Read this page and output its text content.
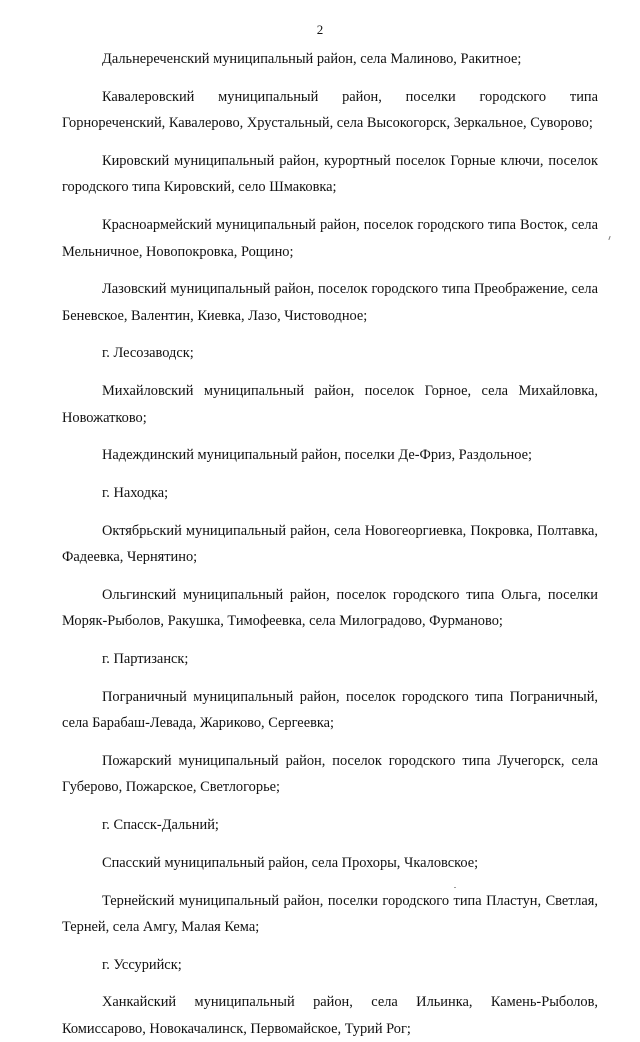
2

Дальнереченский муниципальный район, села Малиново, Ракитное;

Кавалеровский муниципальный район, поселки городского типа Горнореченский, Кавалерово, Хрустальный, села Высокогорск, Зеркальное, Суворово;

Кировский муниципальный район, курортный поселок Горные ключи, поселок городского типа Кировский, село Шмаковка;

Красноармейский муниципальный район, поселок городского типа Восток, села Мельничное, Новопокровка, Рощино;

Лазовский муниципальный район, поселок городского типа Преображение, села Беневское, Валентин, Киевка, Лазо, Чистоводное;

г. Лесозаводск;

Михайловский муниципальный район, поселок Горное, села Михайловка, Новожатково;

Надеждинский муниципальный район, поселки Де-Фриз, Раздольное;

г. Находка;

Октябрьский муниципальный район, села Новогеоргиевка, Покровка, Полтавка, Фадеевка, Чернятино;

Ольгинский муниципальный район, поселок городского типа Ольга, поселки Моряк-Рыболов, Ракушка, Тимофеевка, села Милоградово, Фурманово;

г. Партизанск;

Пограничный муниципальный район, поселок городского типа Пограничный, села Барабаш-Левада, Жариково, Сергеевка;

Пожарский муниципальный район, поселок городского типа Лучегорск, села Губерово, Пожарское, Светлогорье;

г. Спасск-Дальний;

Спасский муниципальный район, села Прохоры, Чкаловское;

Тернейский муниципальный район, поселки городского типа Пластун, Светлая, Терней, села Амгу, Малая Кема;

г. Уссурийск;

Ханкайский муниципальный район, села Ильинка, Камень-Рыболов, Комиссарово, Новокачалинск, Первомайское, Турий Рог;
